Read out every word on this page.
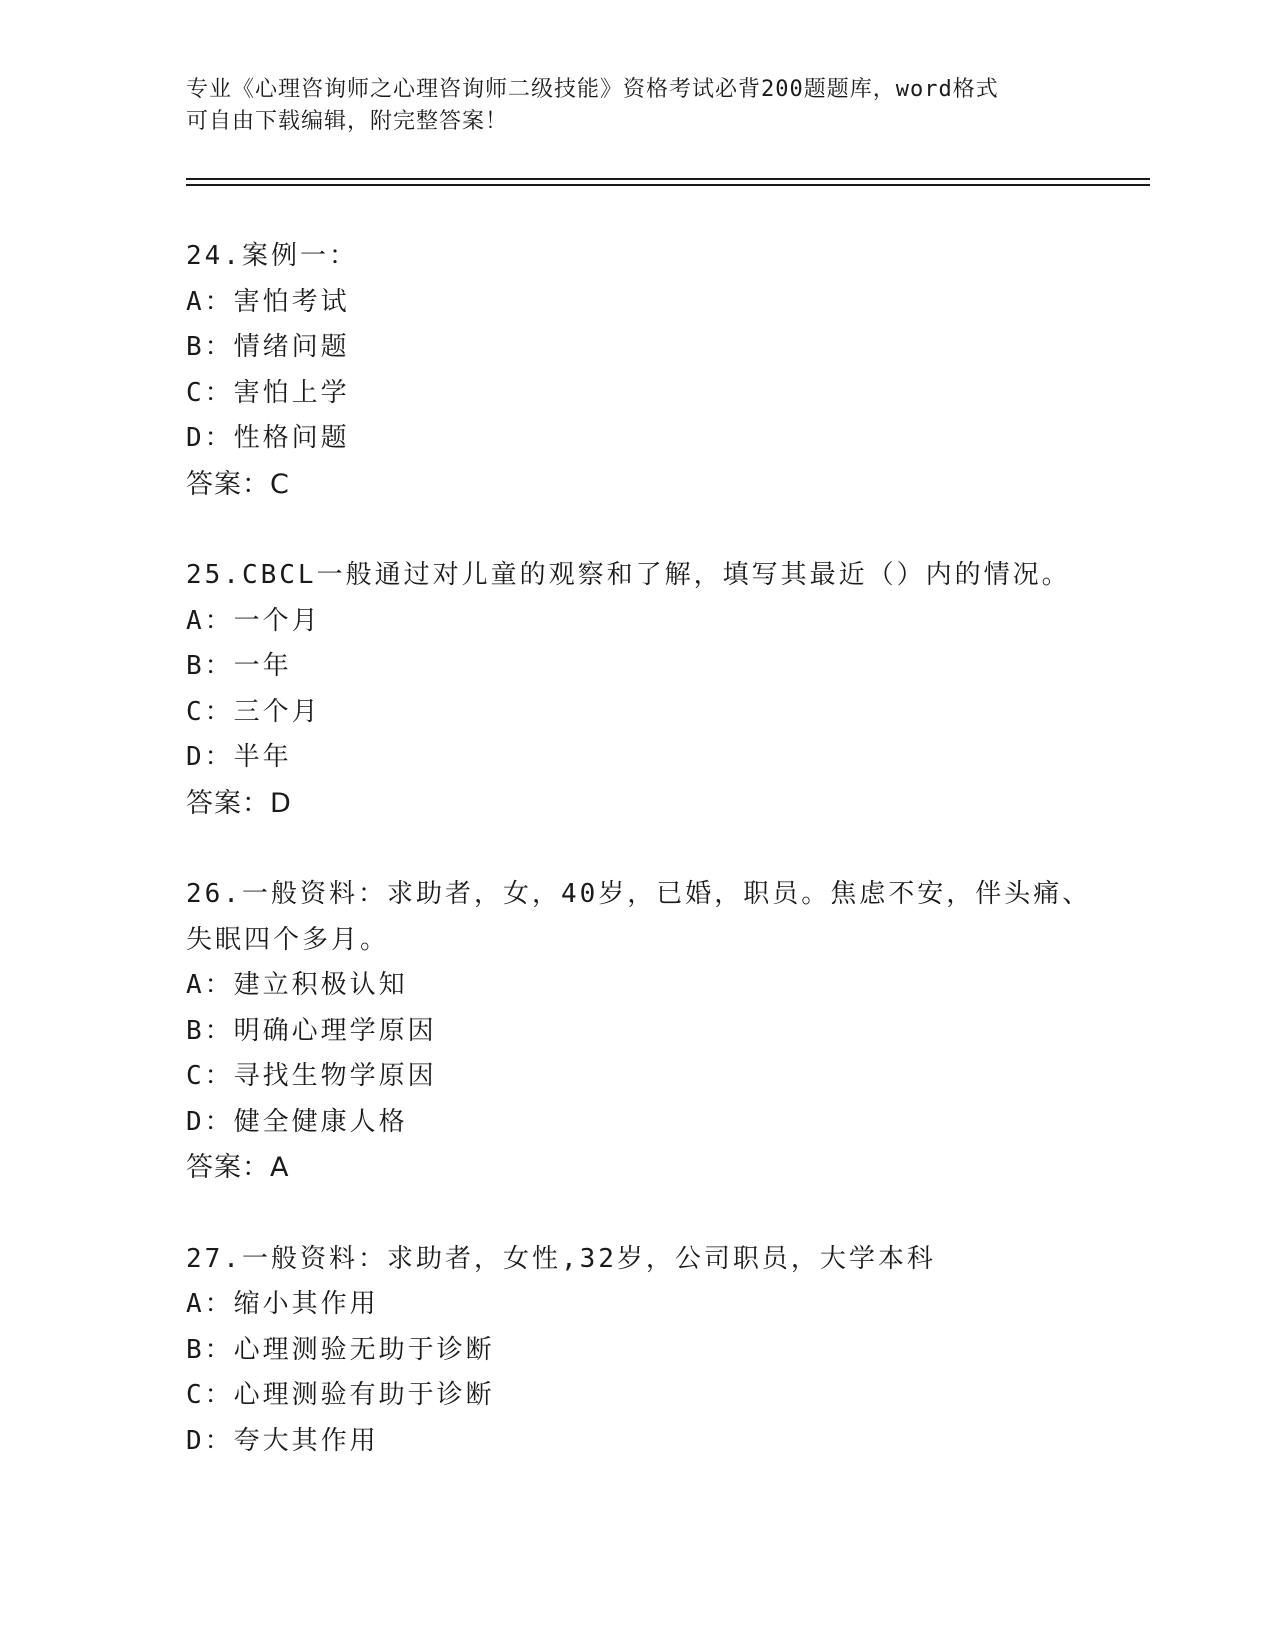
专业《心理咨询师之心理咨询师二级技能》资格考试必背200题题库，word格式
可自由下载编辑，附完整答案！
24.案例一：
A：害怕考试
B：情绪问题
C：害怕上学
D：性格问题
答案：C
25.CBCL一般通过对儿童的观察和了解，填写其最近（）内的情况。
A：一个月
B：一年
C：三个月
D：半年
答案：D
26.一般资料：求助者，女，40岁，已婚，职员。焦虑不安，伴头痛、
失眠四个多月。
A：建立积极认知
B：明确心理学原因
C：寻找生物学原因
D：健全健康人格
答案：A
27.一般资料：求助者，女性,32岁，公司职员，大学本科
A：缩小其作用
B：心理测验无助于诊断
C：心理测验有助于诊断
D：夸大其作用
